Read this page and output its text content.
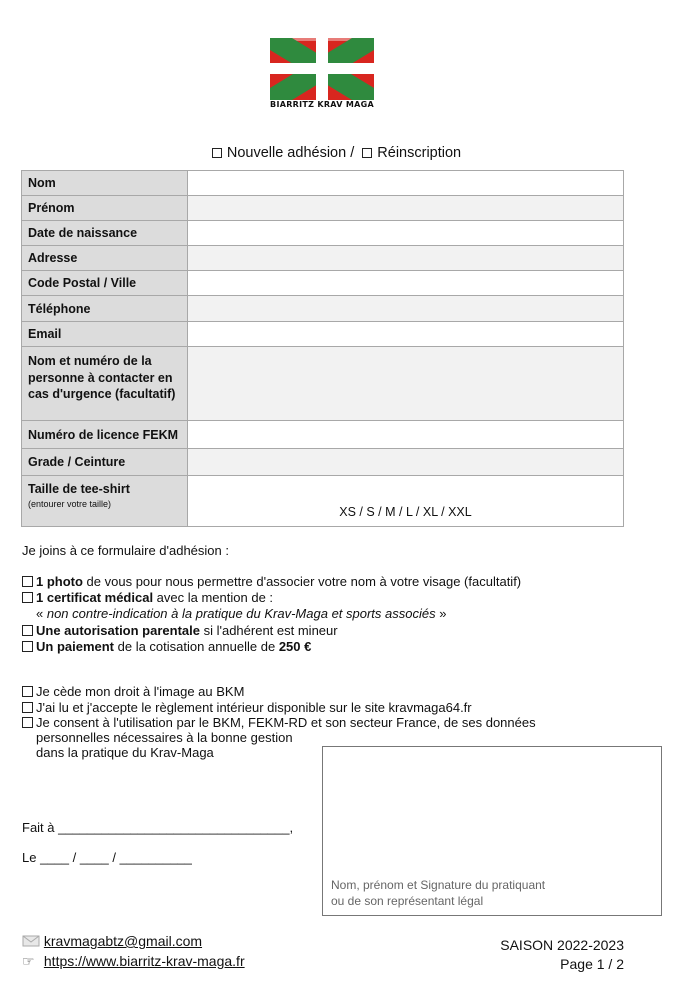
BIARRITZ KRAV MAGA
Nouvelle adhésion / Réinscription
Nom	
Prénom	
Date de naissance	
Adresse	
Code Postal / Ville	
Téléphone	
Email	
Nom et numéro de la personne à contacter en cas d'urgence (facultatif)	
Numéro de licence FEKM	
Grade / Ceinture	
Taille de tee-shirt
(entourer votre taille)	XS / S / M / L / XL / XXL
Je joins à ce formulaire d'adhésion :
1 photo de vous pour nous permettre d'associer votre nom à votre visage (facultatif)
1 certificat médical avec la mention de :
« non contre-indication à la pratique du Krav-Maga et sports associés »
Une autorisation parentale si l'adhérent est mineur
Un paiement de la cotisation annuelle de 250 €
Je cède mon droit à l'image au BKM
J'ai lu et j'accepte le règlement intérieur disponible sur le site kravmaga64.fr
Je consent à l'utilisation par le BKM, FEKM-RD et son secteur France, de ses données
personnelles nécessaires à la bonne gestion
dans la pratique du Krav-Maga
Fait à ________________________________,
Le ____ / ____ / __________
Nom, prénom et Signature du pratiquant
ou de son représentant légal
kravmagabtz@gmail.com
☞ https://www.biarritz-krav-maga.fr
SAISON 2022-2023
Page 1 / 2
